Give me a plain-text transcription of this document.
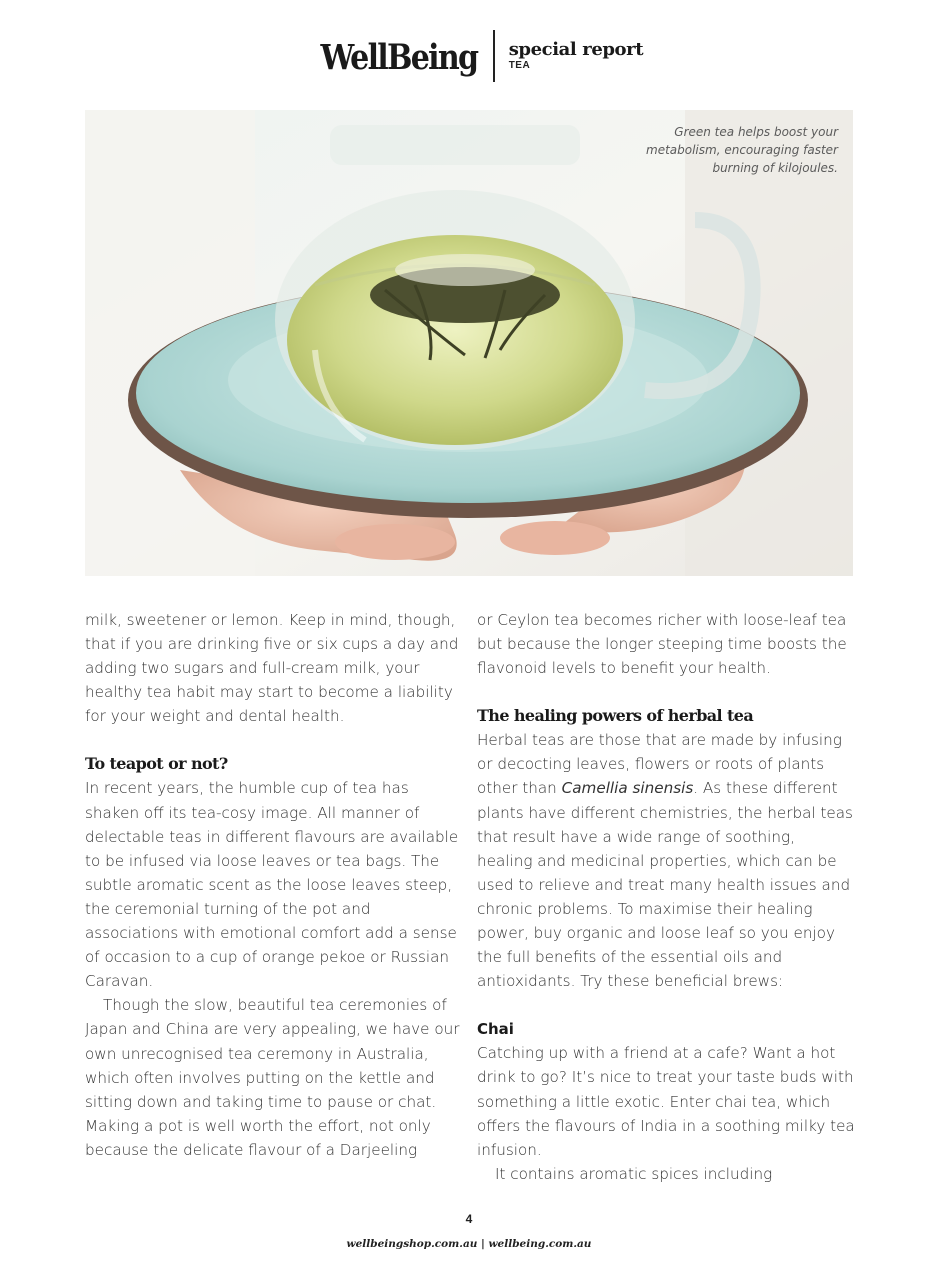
WellBeing special report
TEA
Green tea helps boost your metabolism, encouraging faster burning of kilojoules.

milk, sweetener or lemon. Keep in mind, though, that if you are drinking five or six cups a day and adding two sugars and full-cream milk, your healthy tea habit may start to become a liability for your weight and dental health.

To teapot or not?

In recent years, the humble cup of tea has shaken off its tea-cosy image. All manner of delectable teas in different flavours are available to be infused via loose leaves or tea bags. The subtle aromatic scent as the loose leaves steep, the ceremonial turning of the pot and associations with emotional comfort add a sense of occasion to a cup of orange pekoe or Russian Caravan.

Though the slow, beautiful tea ceremonies of Japan and China are very appealing, we have our own unrecognised tea ceremony in Australia, which often involves putting on the kettle and sitting down and taking time to pause or chat. Making a pot is well worth the effort, not only because the delicate flavour of a Darjeeling

or Ceylon tea becomes richer with loose-leaf tea but because the longer steeping time boosts the flavonoid levels to benefit your health.

The healing powers of herbal tea

Herbal teas are those that are made by infusing or decocting leaves, flowers or roots of plants other than Camellia sinensis. As these different plants have different chemistries, the herbal teas that result have a wide range of soothing, healing and medicinal properties, which can be used to relieve and treat many health issues and chronic problems. To maximise their healing power, buy organic and loose leaf so you enjoy the full benefits of the essential oils and antioxidants. Try these beneficial brews:

Chai

Catching up with a friend at a cafe? Want a hot drink to go? It’s nice to treat your taste buds with something a little exotic. Enter chai tea, which offers the flavours of India in a soothing milky tea infusion.

It contains aromatic spices including

4
wellbeingshop.com.au | wellbeing.com.au
